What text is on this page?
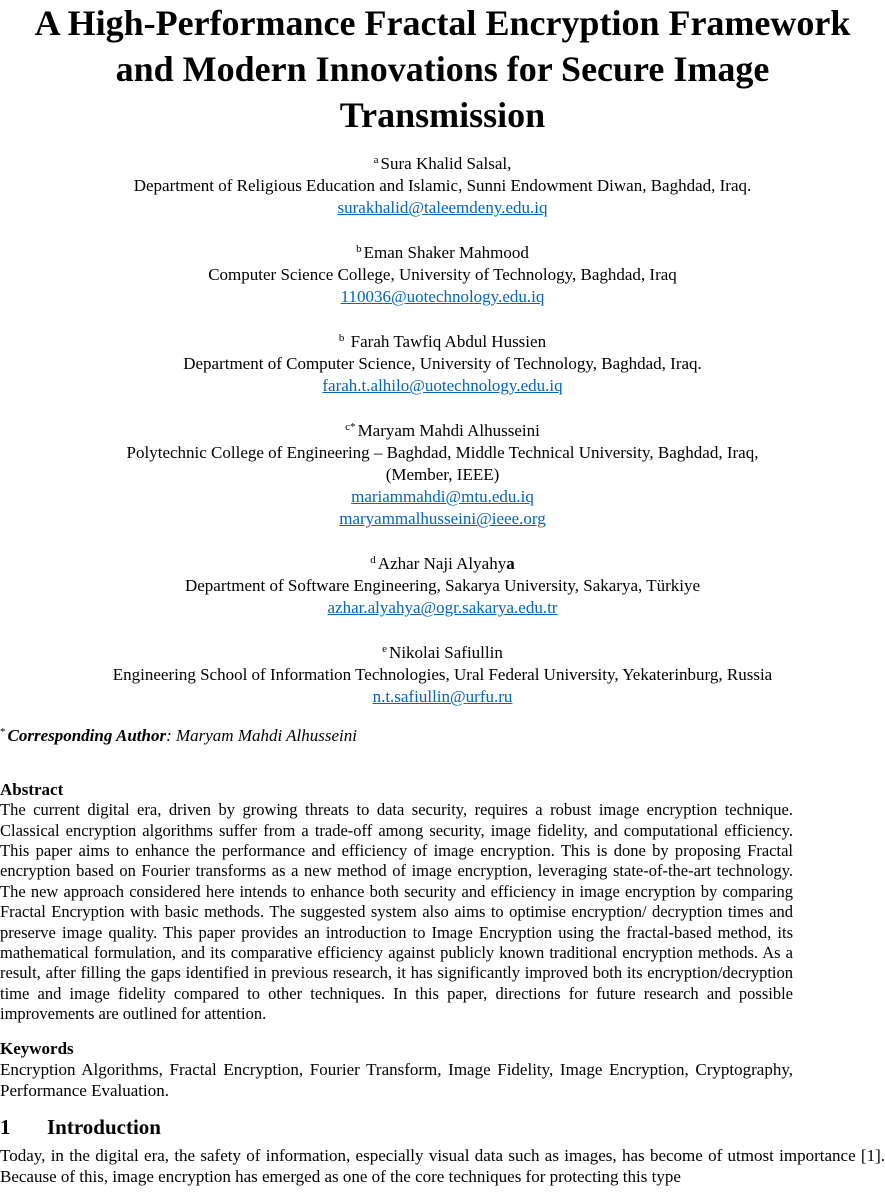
A High-Performance Fractal Encryption Framework and Modern Innovations for Secure Image Transmission

$^a$ Sura Khalid Salsal,

Department of Religious Education and Islamic, Sunni Endowment Diwan, Baghdad, Iraq.

surakhalid@taleemdeny.edu.iq

$^b$ Eman Shaker Mahmood

Computer Science College, University of Technology, Baghdad, Iraq

110036@uotechnology.edu.iq

$^b$ Farah Tawfiq Abdul Hussien

Department of Computer Science, University of Technology, Baghdad, Iraq.

farah.t.alhilo@uotechnology.edu.iq

$^{c*}$ Maryam Mahdi Alhusseini

Polytechnic College of Engineering – Baghdad, Middle Technical University, Baghdad, Iraq,

(Member, IEEE)

mariammahdi@mtu.edu.iq

maryammalhusseini@ieee.org

$^d$ Azhar Naji Alyahya

Department of Software Engineering, Sakarya University, Sakarya, Türkiye

azhar.alyahya@ogr.sakarya.edu.tr

$^e$ Nikolai Safiullin

Engineering School of Information Technologies, Ural Federal University, Yekaterinburg, Russia

n.t.safiullin@urfu.ru

* Corresponding Author: Maryam Mahdi Alhusseini

Abstract

The current digital era, driven by growing threats to data security, requires a robust image encryption technique. Classical encryption algorithms suffer from a trade-off among security, image fidelity, and computational efficiency. This paper aims to enhance the performance and efficiency of image encryption. This is done by proposing Fractal encryption based on Fourier transforms as a new method of image encryption, leveraging state-of-the-art technology. The new approach considered here intends to enhance both security and efficiency in image encryption by comparing Fractal Encryption with basic methods. The suggested system also aims to optimise encryption/ decryption times and preserve image quality. This paper provides an introduction to Image Encryption using the fractal-based method, its mathematical formulation, and its comparative efficiency against publicly known traditional encryption methods. As a result, after filling the gaps identified in previous research, it has significantly improved both its encryption/decryption time and image fidelity compared to other techniques. In this paper, directions for future research and possible improvements are outlined for attention.

Keywords

Encryption Algorithms, Fractal Encryption, Fourier Transform, Image Fidelity, Image Encryption, Cryptography, Performance Evaluation.

1 Introduction

Today, in the digital era, the safety of information, especially visual data such as images, has become of utmost importance [1]. Because of this, image encryption has emerged as one of the core techniques for protecting this type
